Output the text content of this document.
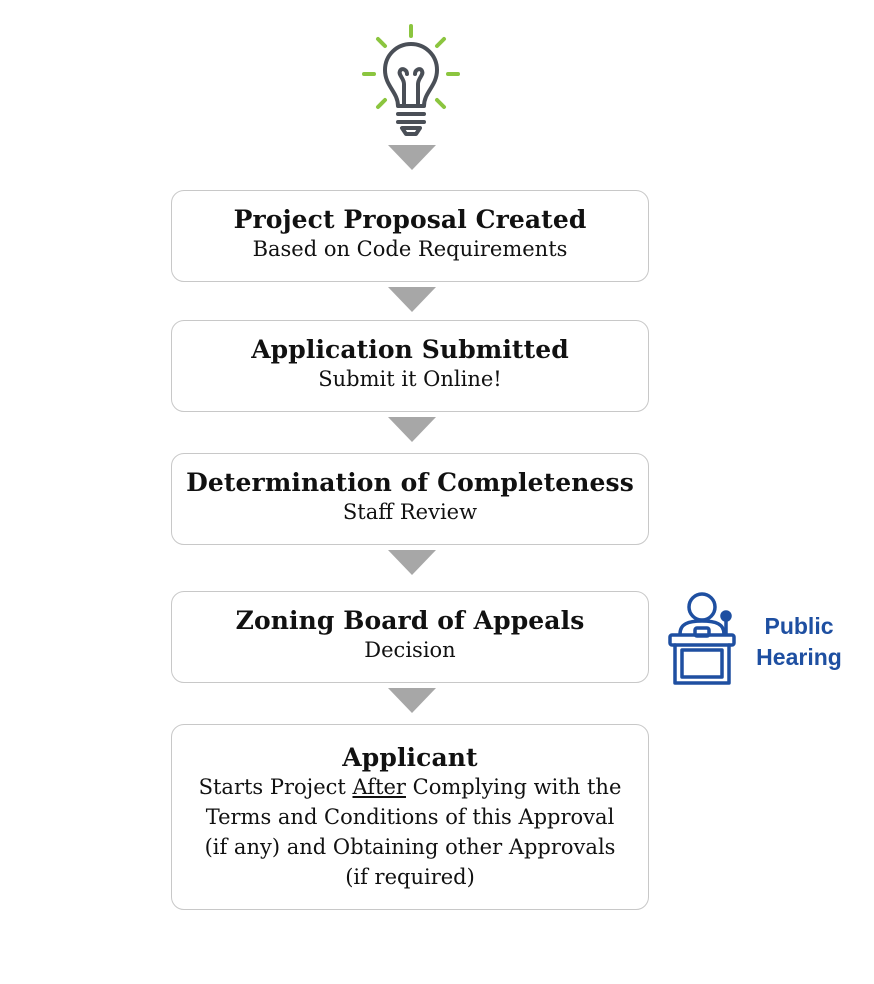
Project Proposal Created
Based on Code Requirements
Application Submitted
Submit it Online!
Determination of Completeness
Staff Review
Zoning Board of Appeals
Decision
Applicant
Starts Project After Complying with the Terms and Conditions of this Approval (if any) and Obtaining other Approvals (if required)
Public
Hearing
